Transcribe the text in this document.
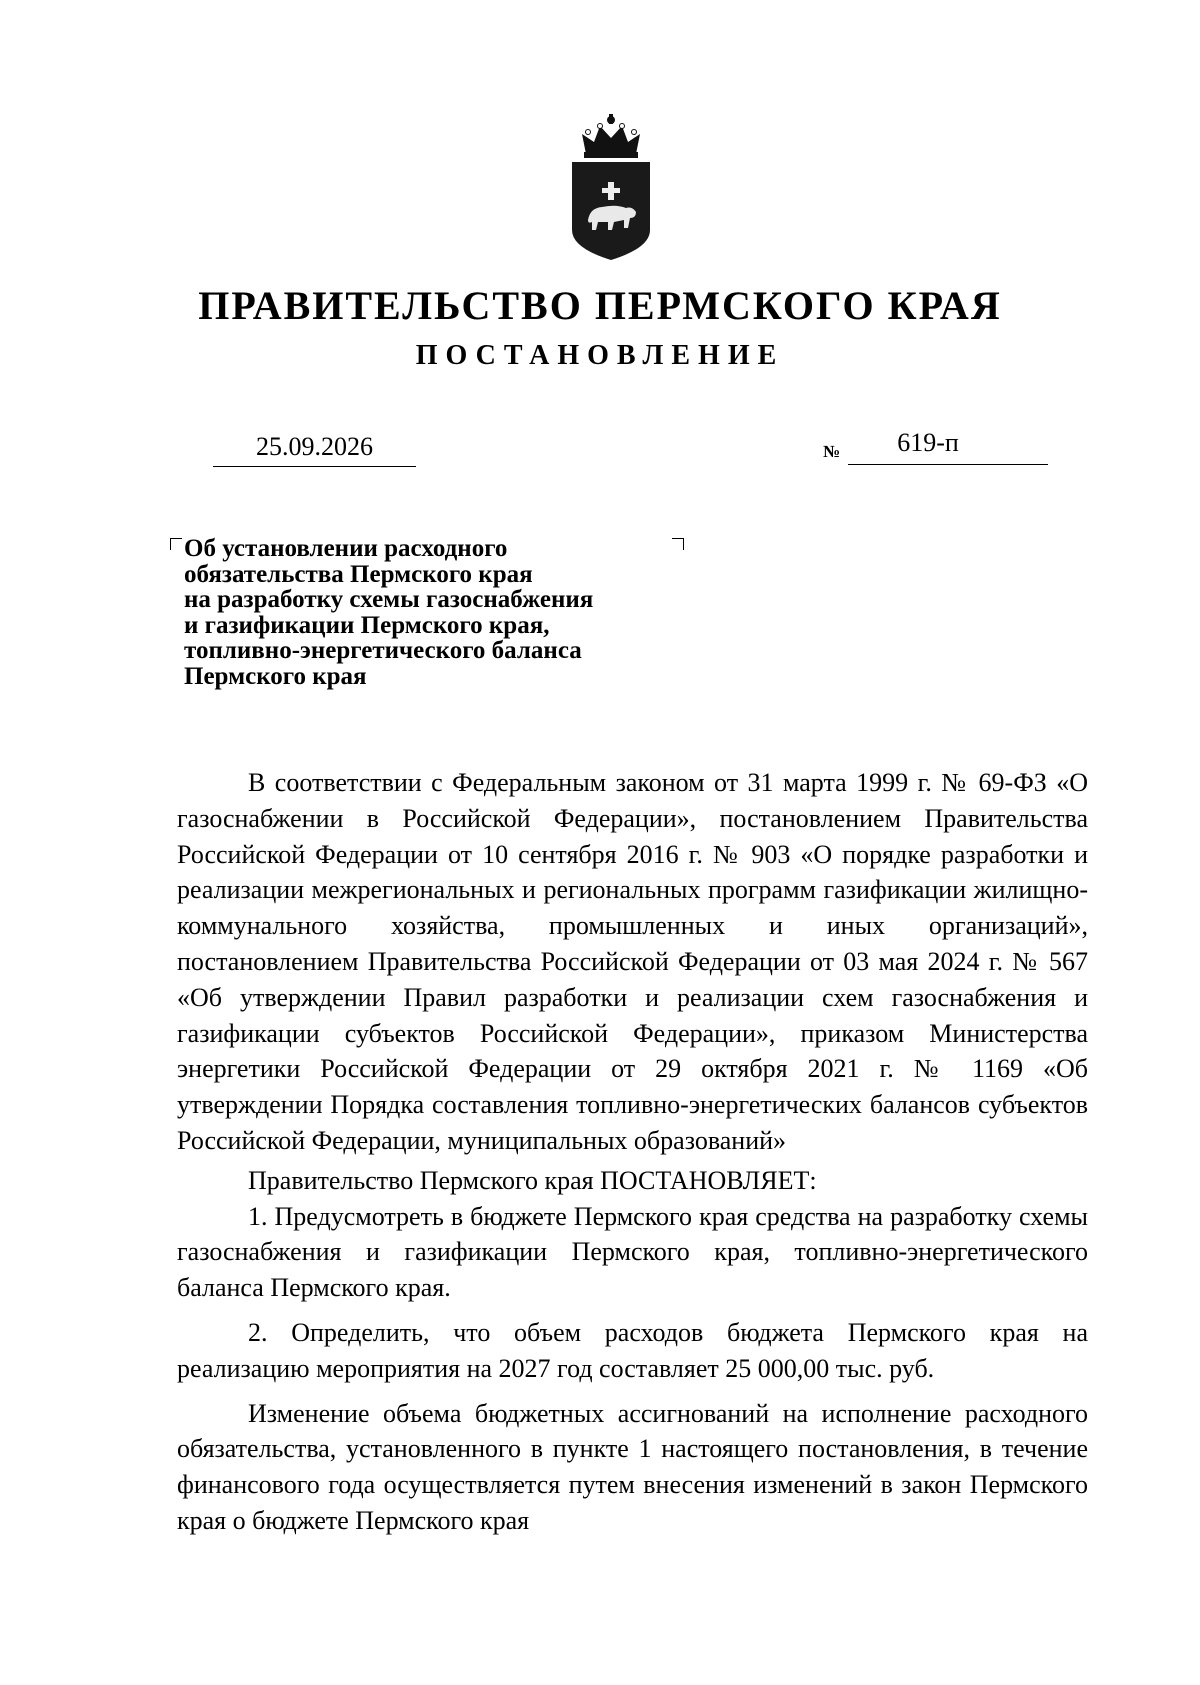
ПРАВИТЕЛЬСТВО ПЕРМСКОГО КРАЯ
ПОСТАНОВЛЕНИЕ
25.09.2026	№	619-п
Об установлении расходного
обязательства Пермского края
на разработку схемы газоснабжения
и газификации Пермского края,
топливно-энергетического баланса
Пермского края

В соответствии с Федеральным законом от 31 марта 1999 г. № 69-ФЗ «О газоснабжении в Российской Федерации», постановлением Правительства Российской Федерации от 10 сентября 2016 г. № 903 «О порядке разработки и реализации межрегиональных и региональных программ газификации жилищно-коммунального хозяйства, промышленных и иных организаций», постановлением Правительства Российской Федерации от 03 мая 2024 г. № 567 «Об утверждении Правил разработки и реализации схем газоснабжения и газификации субъектов Российской Федерации», приказом Министерства энергетики Российской Федерации от 29 октября 2021 г. № 1169 «Об утверждении Порядка составления топливно-энергетических балансов субъектов Российской Федерации, муниципальных образований»

Правительство Пермского края ПОСТАНОВЛЯЕТ:

1. Предусмотреть в бюджете Пермского края средства на разработку схемы газоснабжения и газификации Пермского края, топливно-энергетического баланса Пермского края.

2. Определить, что объем расходов бюджета Пермского края на реализацию мероприятия на 2027 год составляет 25 000,00 тыс. руб.

Изменение объема бюджетных ассигнований на исполнение расходного обязательства, установленного в пункте 1 настоящего постановления, в течение финансового года осуществляется путем внесения изменений в закон Пермского края о бюджете Пермского края
